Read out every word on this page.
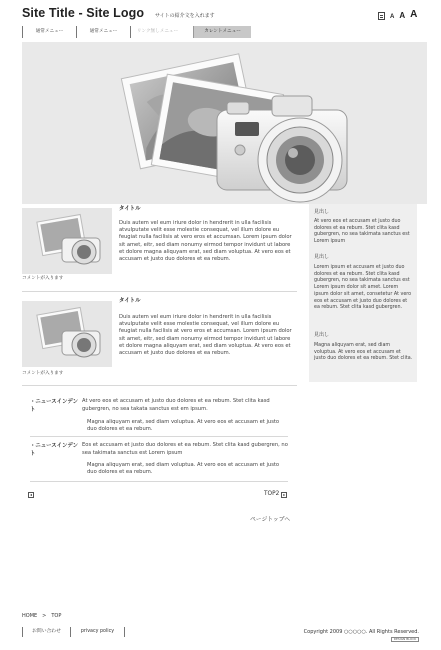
Site Title - Site Logo サイトの紹介文を入れます	A A A
通常メニュー	通常メニュー	リンク無しメニュー	カレントメニュー
コメントが入ります
タイトル
Duis autem vel eum iriure dolor in hendrerit in ulla facilisis atvulputate velit esse molestie consequat, vel illum dolore eu feugiat nulla facilisis at vero eros et accumsan. Lorem ipsum dolor sit amet, eitr, sed diam nonumy eirmod tempor invidunt ut labore et dolore magna aliquyam erat, sed diam voluptua. At vero eos et accusam et justo duo dolores et ea rebum.
コメントが入ります
タイトル
Duis autem vel eum iriure dolor in hendrerit in ulla facilisis atvulputate velit esse molestie consequat, vel illum dolore eu feugiat nulla facilisis at vero eros et accumsan. Lorem ipsum dolor sit amet, eitr, sed diam nonumy eirmod tempor invidunt ut labore et dolore magna aliquyam erat, sed diam voluptua. At vero eos et accusam et justo duo dolores et ea rebum.
・ニュースインデント
At vero eos et accusam et justo duo dolores et ea rebum. Stet clita kasd gubergren, no sea takata sanctus est em ipsum.
Magna aliquyam erat, sed diam voluptua. At vero eos et accusam et justo duo dolores et ea rebum.
・ニュースインデント
Eos et accusam et justo duo dolores et ea rebum. Stet clita kasd gubergren, no sea takimata sanctus est Lorem ipsum
Magna aliquyam erat, sed diam voluptua. At vero eos et accusam et justo duo dolores et ea rebum.
◂	TOP2 ▸
ページトップへ
見出し
At vero eos et accusam et justo duo dolores et ea rebum. Stet clita kasd gubergren, no sea takimata sanctus est Lorem ipsum
見出し
Lorem ipsum et accusam et justo duo dolores et ea rebum. Stet clita kasd gubergren, no sea takimata sanctus est Lorem ipsum dolor sit amet. Lorem ipsum dolor sit amet, consetetur At vero eos et accusam et justo duo dolores et ea rebum. Stet clita kasd gubergren.
見出し
Magna aliquyam erat, sed diam voluptua. At vero eos et accusam et justo duo dolores et ea rebum. Stet clita.
HOME　>　TOP
お問い合わせ	privacy policy	Copyright 2009 ○○○○○. All Rights Reserved.
DESIGN BLOCK
